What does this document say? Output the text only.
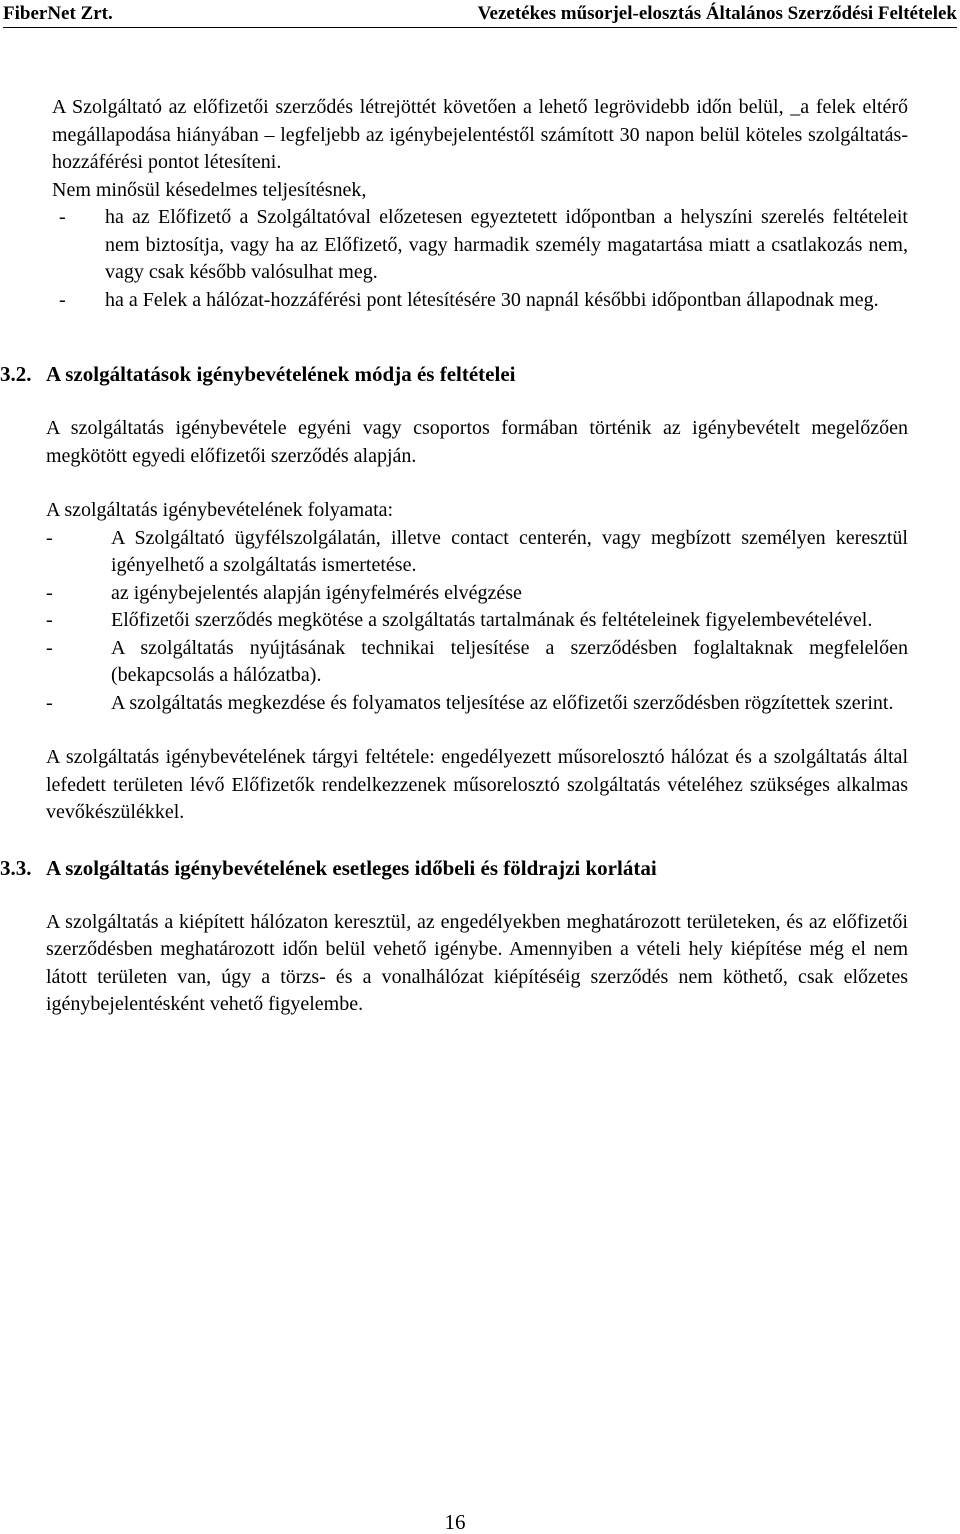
FiberNet Zrt.	Vezetékes műsorjel-elosztás Általános Szerződési Feltételek

A Szolgáltató az előfizetői szerződés létrejöttét követően a lehető legrövidebb időn belül, _a felek eltérő megállapodása hiányában – legfeljebb az igénybejelentéstől számított 30 napon belül köteles szolgáltatás-hozzáférési pontot létesíteni.

Nem minősül késedelmes teljesítésnek,

- ha az Előfizető a Szolgáltatóval előzetesen egyeztetett időpontban a helyszíni szerelés feltételeit nem biztosítja, vagy ha az Előfizető, vagy harmadik személy magatartása miatt a csatlakozás nem, vagy csak később valósulhat meg.
- ha a Felek a hálózat-hozzáférési pont létesítésére 30 napnál későbbi időpontban állapodnak meg.
3.2. A szolgáltatások igénybevételének módja és feltételei

A szolgáltatás igénybevétele egyéni vagy csoportos formában történik az igénybevételt megelőzően megkötött egyedi előfizetői szerződés alapján.

A szolgáltatás igénybevételének folyamata:

-	A Szolgáltató ügyfélszolgálatán, illetve contact centerén, vagy megbízott személyen keresztül igényelhető a szolgáltatás ismertetése.
-	az igénybejelentés alapján igényfelmérés elvégzése
-	Előfizetői szerződés megkötése a szolgáltatás tartalmának és feltételeinek figyelembevételével.
-	A szolgáltatás nyújtásának technikai teljesítése a szerződésben foglaltaknak megfelelően (bekapcsolás a hálózatba).
-	A szolgáltatás megkezdése és folyamatos teljesítése az előfizetői szerződésben rögzítettek szerint.

A szolgáltatás igénybevételének tárgyi feltétele: engedélyezett műsorelosztó hálózat és a szolgáltatás által lefedett területen lévő Előfizetők rendelkezzenek műsorelosztó szolgáltatás vételéhez szükséges alkalmas vevőkészülékkel.

3.3. A szolgáltatás igénybevételének esetleges időbeli és földrajzi korlátai

A szolgáltatás a kiépített hálózaton keresztül, az engedélyekben meghatározott területeken, és az előfizetői szerződésben meghatározott időn belül vehető igénybe. Amennyiben a vételi hely kiépítése még el nem látott területen van, úgy a törzs- és a vonalhálózat kiépítéséig szerződés nem köthető, csak előzetes igénybejelentésként vehető figyelembe.

16
